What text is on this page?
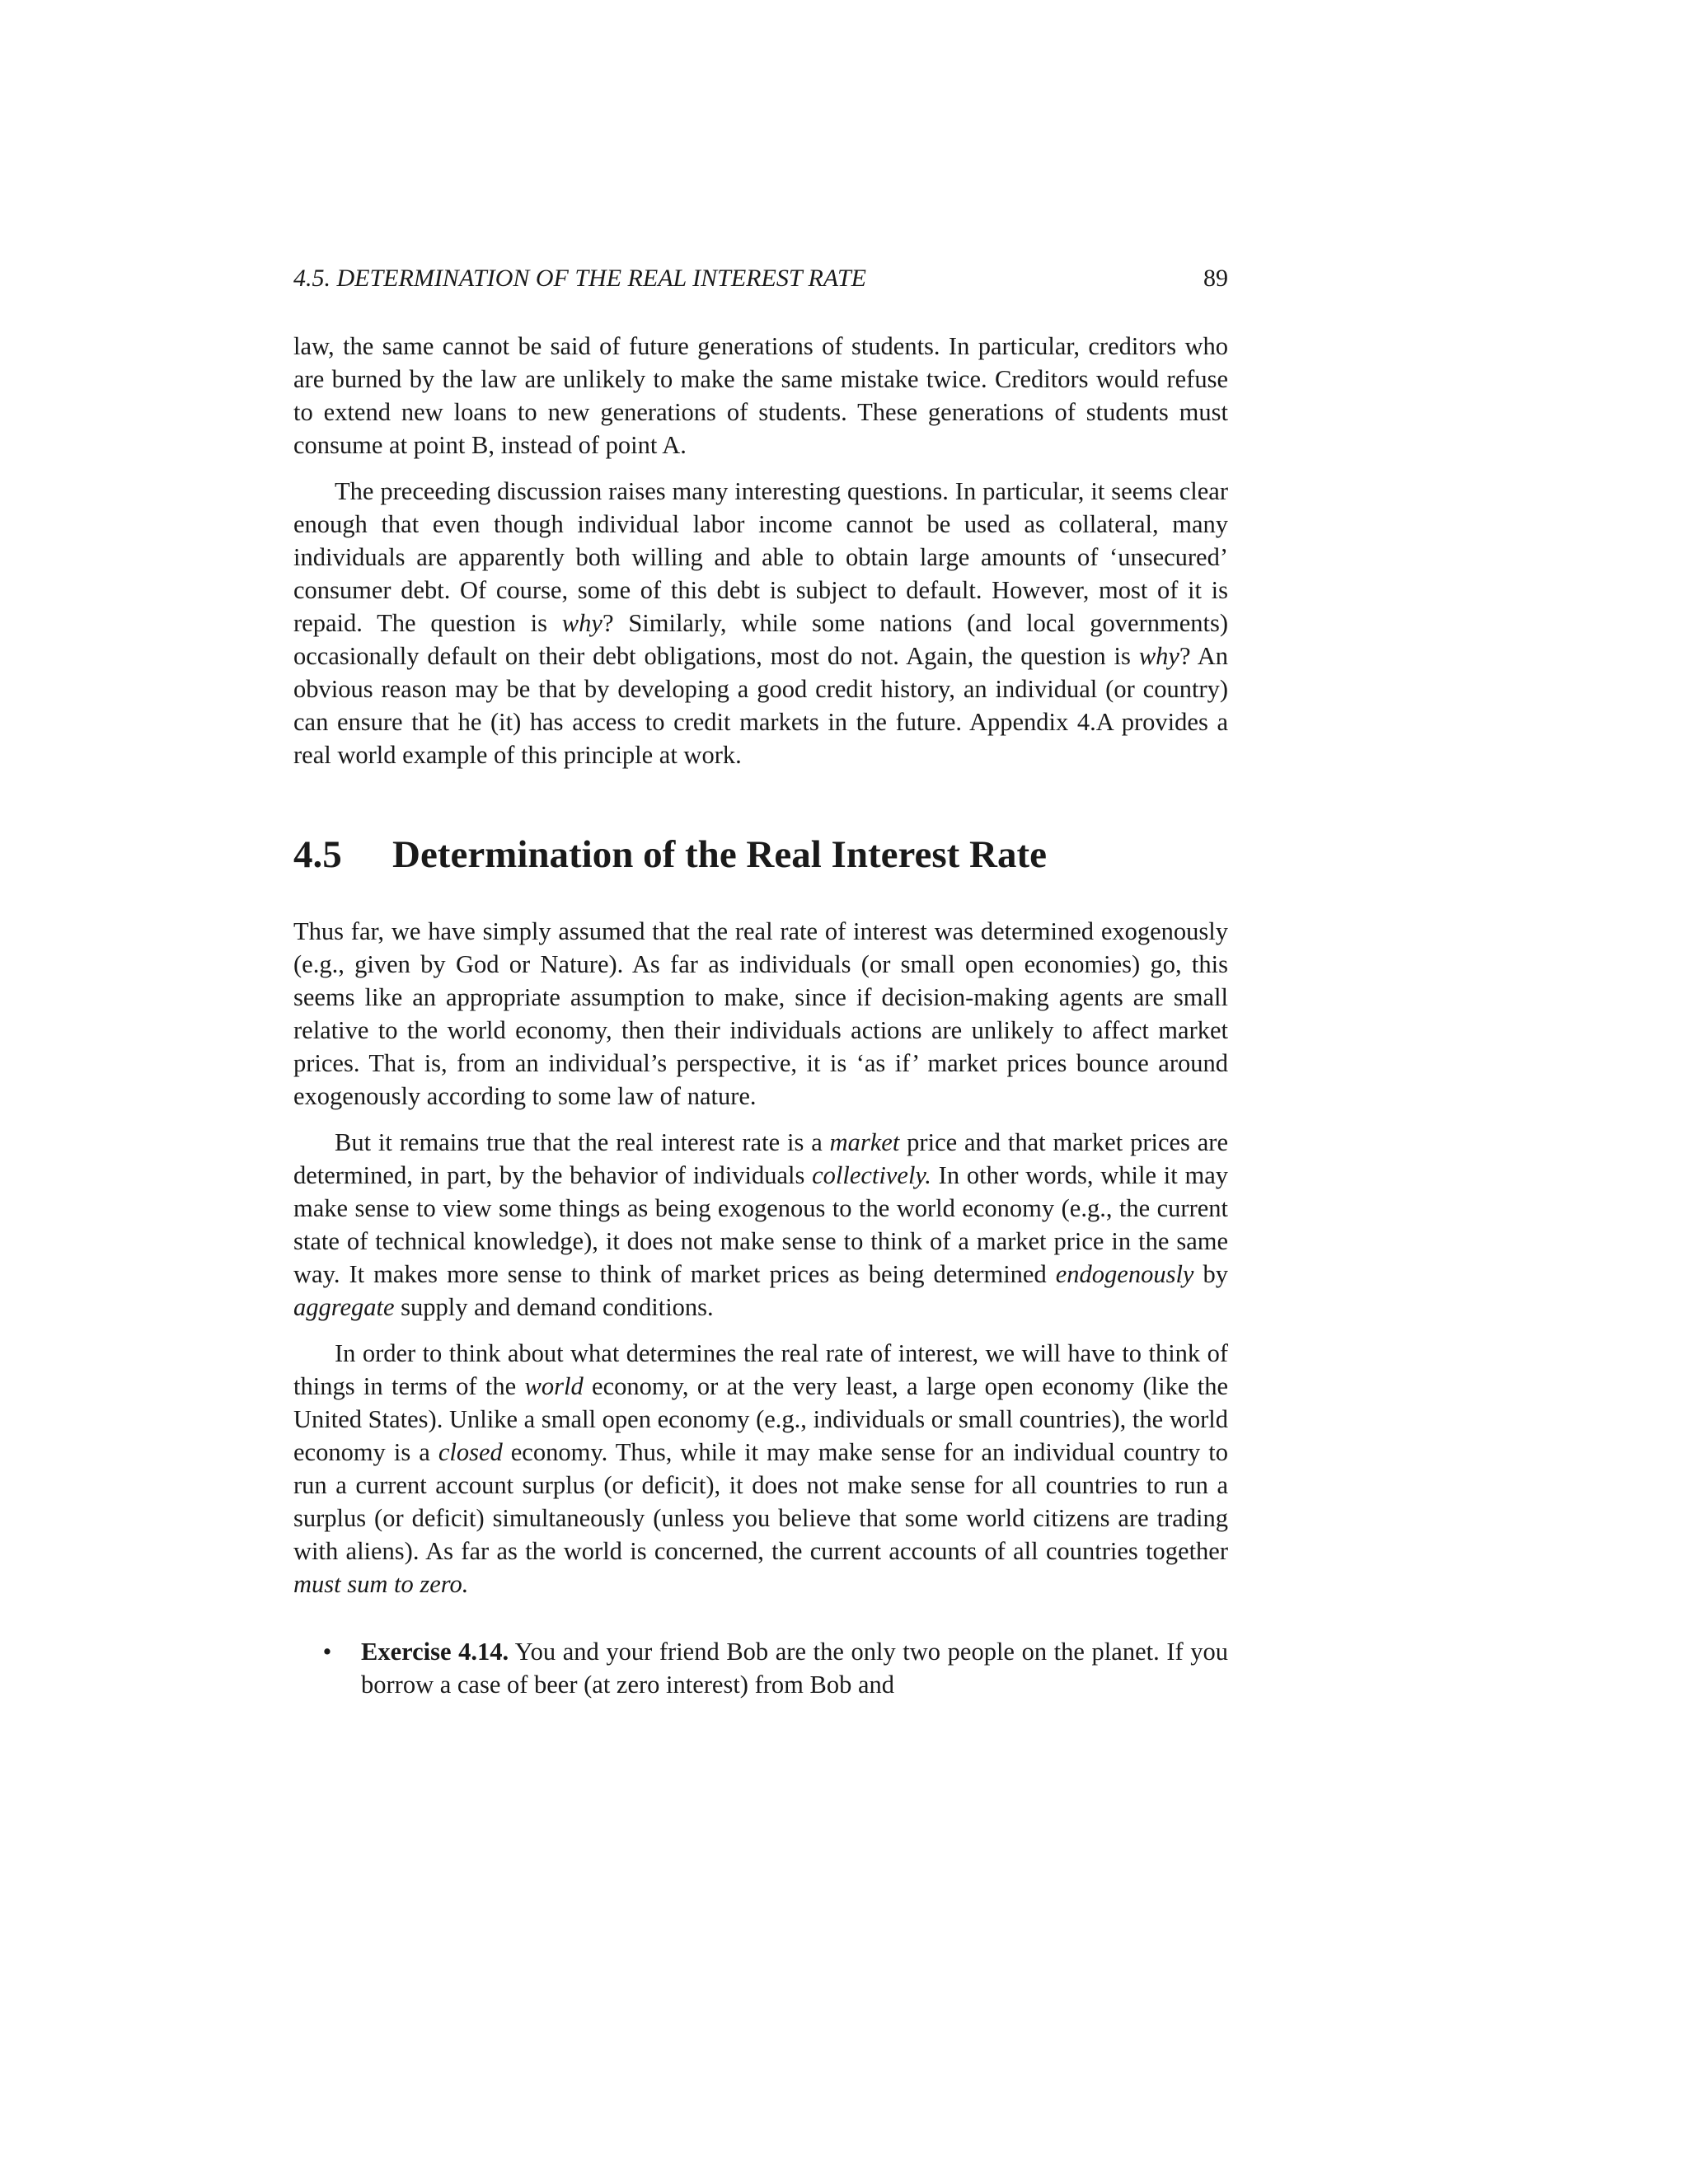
4.5. DETERMINATION OF THE REAL INTEREST RATE	89

law, the same cannot be said of future generations of students. In particular, creditors who are burned by the law are unlikely to make the same mistake twice. Creditors would refuse to extend new loans to new generations of students. These generations of students must consume at point B, instead of point A.

The preceeding discussion raises many interesting questions. In particular, it seems clear enough that even though individual labor income cannot be used as collateral, many individuals are apparently both willing and able to obtain large amounts of ‘unsecured’ consumer debt. Of course, some of this debt is subject to default. However, most of it is repaid. The question is why? Similarly, while some nations (and local governments) occasionally default on their debt obligations, most do not. Again, the question is why? An obvious reason may be that by developing a good credit history, an individual (or country) can ensure that he (it) has access to credit markets in the future. Appendix 4.A provides a real world example of this principle at work.

4.5	Determination of the Real Interest Rate

Thus far, we have simply assumed that the real rate of interest was determined exogenously (e.g., given by God or Nature). As far as individuals (or small open economies) go, this seems like an appropriate assumption to make, since if decision-making agents are small relative to the world economy, then their individuals actions are unlikely to affect market prices. That is, from an individual’s perspective, it is ‘as if’ market prices bounce around exogenously according to some law of nature.

But it remains true that the real interest rate is a market price and that market prices are determined, in part, by the behavior of individuals collectively. In other words, while it may make sense to view some things as being exogenous to the world economy (e.g., the current state of technical knowledge), it does not make sense to think of a market price in the same way. It makes more sense to think of market prices as being determined endogenously by aggregate supply and demand conditions.

In order to think about what determines the real rate of interest, we will have to think of things in terms of the world economy, or at the very least, a large open economy (like the United States). Unlike a small open economy (e.g., individuals or small countries), the world economy is a closed economy. Thus, while it may make sense for an individual country to run a current account surplus (or deficit), it does not make sense for all countries to run a surplus (or deficit) simultaneously (unless you believe that some world citizens are trading with aliens). As far as the world is concerned, the current accounts of all countries together must sum to zero.

•	Exercise 4.14. You and your friend Bob are the only two people on the planet. If you borrow a case of beer (at zero interest) from Bob and
